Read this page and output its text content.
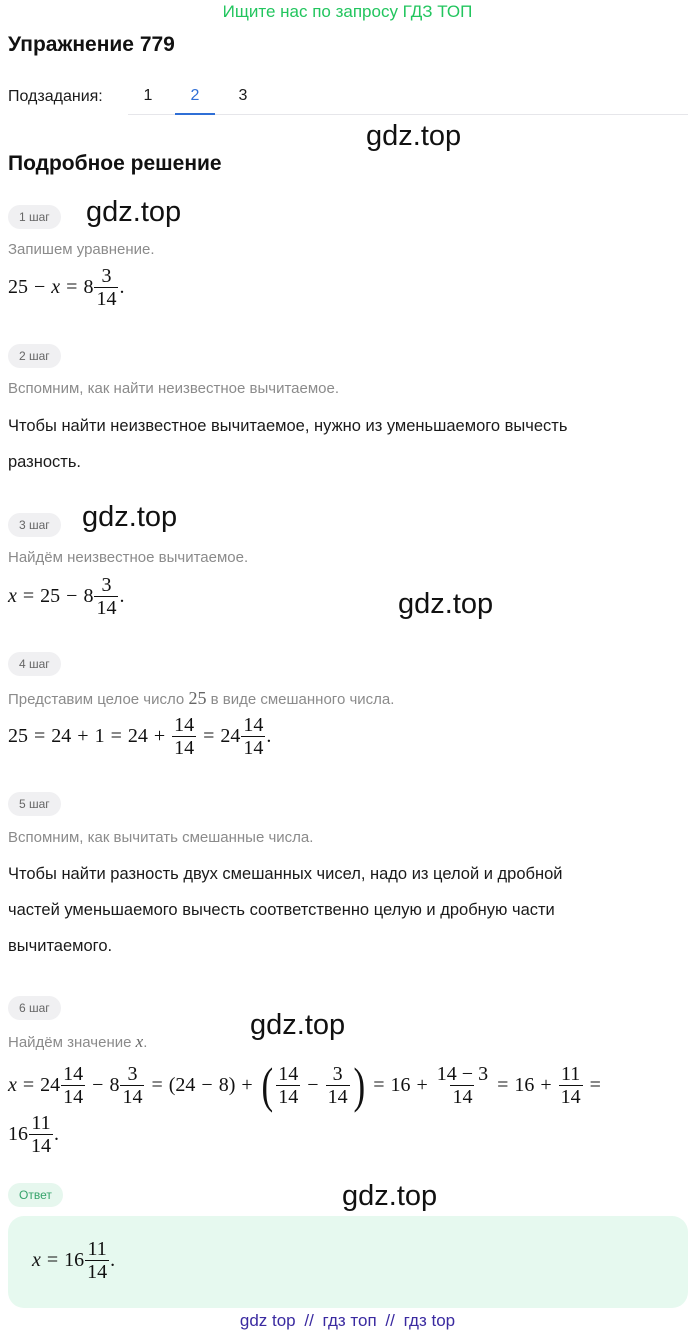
Ищите нас по запросу ГДЗ ТОП
Упражнение 779
Подзадания:	1	2	3
Подробное решение
gdz.top
gdz.top
gdz.top
gdz.top
gdz.top
gdz.top
1 шаг
Запишем уравнение.
$25 - x = 8 \frac{3}{14}$ .
2 шаг
Вспомним, как найти неизвестное вычитаемое.
Чтобы найти неизвестное вычитаемое, нужно из уменьшаемого вычесть
разность.
3 шаг
Найдём неизвестное вычитаемое.
$x = 25 - 8 \frac{3}{14}$ .
4 шаг
Представим целое число 25 в виде смешанного числа.
$25 = 24 + 1 = 24 + \frac{14}{14} = 24 \frac{14}{14}$ .
5 шаг
Вспомним, как вычитать смешанные числа.
Чтобы найти разность двух смешанных чисел, надо из целой и дробной
частей уменьшаемого вычесть соответственно целую и дробную части
вычитаемого.
6 шаг
Найдём значение x.
$x = 24 \frac{14}{14} - 8 \frac{3}{14} = (24 - 8)$ + ( $\frac{14}{14} - \frac{3}{14}$ ) = $16 + \frac{14 - 3}{14} = 16 + \frac{11}{14}$ =
$16 \frac{11}{14}$ .
Ответ
$x = 16 \frac{11}{14}$ .
gdz top // гдз топ // гдз top
